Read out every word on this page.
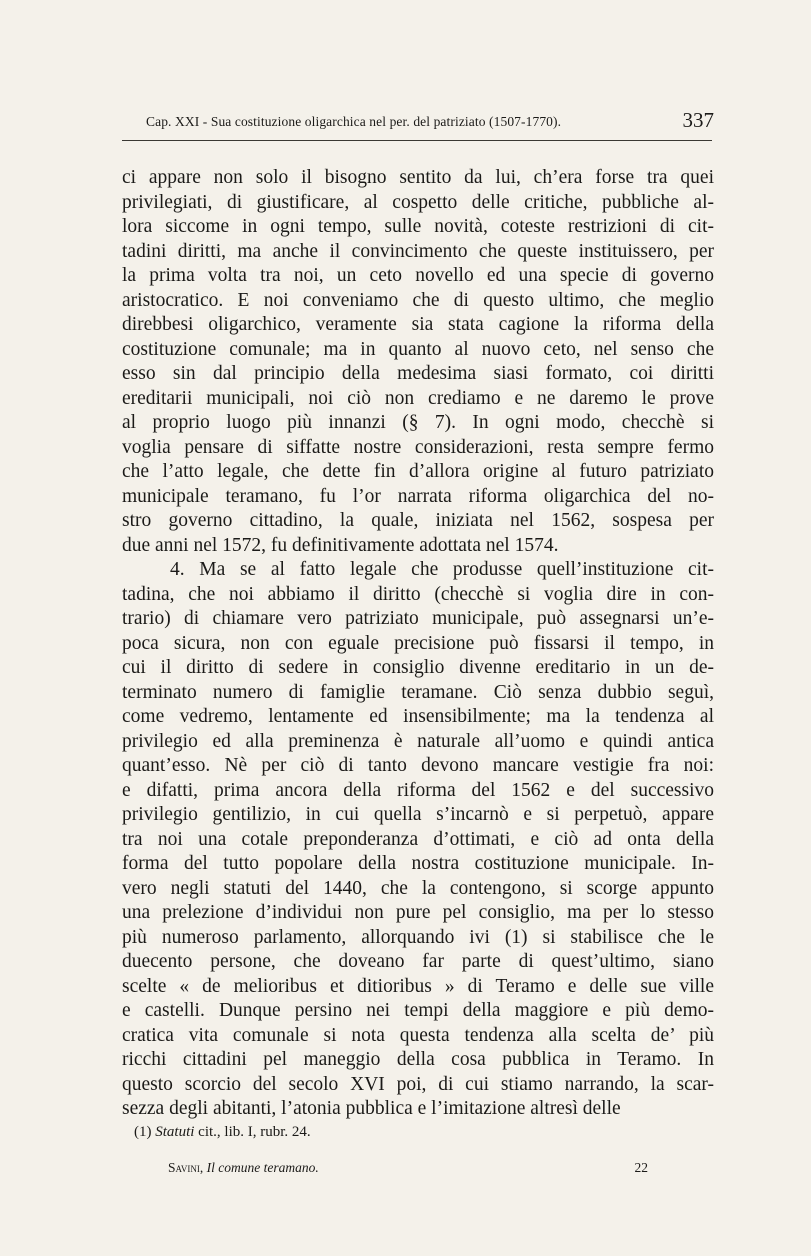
Cap. XXI - Sua costituzione oligarchica nel per. del patriziato (1507-1770).	337
ci appare non solo il bisogno sentito da lui, ch’era forse tra quei
privilegiati, di giustificare, al cospetto delle critiche, pubbliche al-
lora siccome in ogni tempo, sulle novità, coteste restrizioni di cit-
tadini diritti, ma anche il convincimento che queste instituissero, per
la prima volta tra noi, un ceto novello ed una specie di governo
aristocratico. E noi conveniamo che di questo ultimo, che meglio
direbbesi oligarchico, veramente sia stata cagione la riforma della
costituzione comunale; ma in quanto al nuovo ceto, nel senso che
esso sin dal principio della medesima siasi formato, coi diritti
ereditarii municipali, noi ciò non crediamo e ne daremo le prove
al proprio luogo più innanzi (§ 7). In ogni modo, checchè si
voglia pensare di siffatte nostre considerazioni, resta sempre fermo
che l’atto legale, che dette fin d’allora origine al futuro patriziato
municipale teramano, fu l’or narrata riforma oligarchica del no-
stro governo cittadino, la quale, iniziata nel 1562, sospesa per
due anni nel 1572, fu definitivamente adottata nel 1574.
4. Ma se al fatto legale che produsse quell’instituzione cit-
tadina, che noi abbiamo il diritto (checchè si voglia dire in con-
trario) di chiamare vero patriziato municipale, può assegnarsi un’e-
poca sicura, non con eguale precisione può fissarsi il tempo, in
cui il diritto di sedere in consiglio divenne ereditario in un de-
terminato numero di famiglie teramane. Ciò senza dubbio seguì,
come vedremo, lentamente ed insensibilmente; ma la tendenza al
privilegio ed alla preminenza è naturale all’uomo e quindi antica
quant’esso. Nè per ciò di tanto devono mancare vestigie fra noi:
e difatti, prima ancora della riforma del 1562 e del successivo
privilegio gentilizio, in cui quella s’incarnò e si perpetuò, appare
tra noi una cotale preponderanza d’ottimati, e ciò ad onta della
forma del tutto popolare della nostra costituzione municipale. In-
vero negli statuti del 1440, che la contengono, si scorge appunto
una prelezione d’individui non pure pel consiglio, ma per lo stesso
più numeroso parlamento, allorquando ivi (1) si stabilisce che le
duecento persone, che doveano far parte di quest’ultimo, siano
scelte « de melioribus et ditioribus » di Teramo e delle sue ville
e castelli. Dunque persino nei tempi della maggiore e più demo-
cratica vita comunale si nota questa tendenza alla scelta de’ più
ricchi cittadini pel maneggio della cosa pubblica in Teramo. In
questo scorcio del secolo XVI poi, di cui stiamo narrando, la scar-
sezza degli abitanti, l’atonia pubblica e l’imitazione altresì delle
(1) Statuti cit., lib. I, rubr. 24.
Savini, Il comune teramano.	22
